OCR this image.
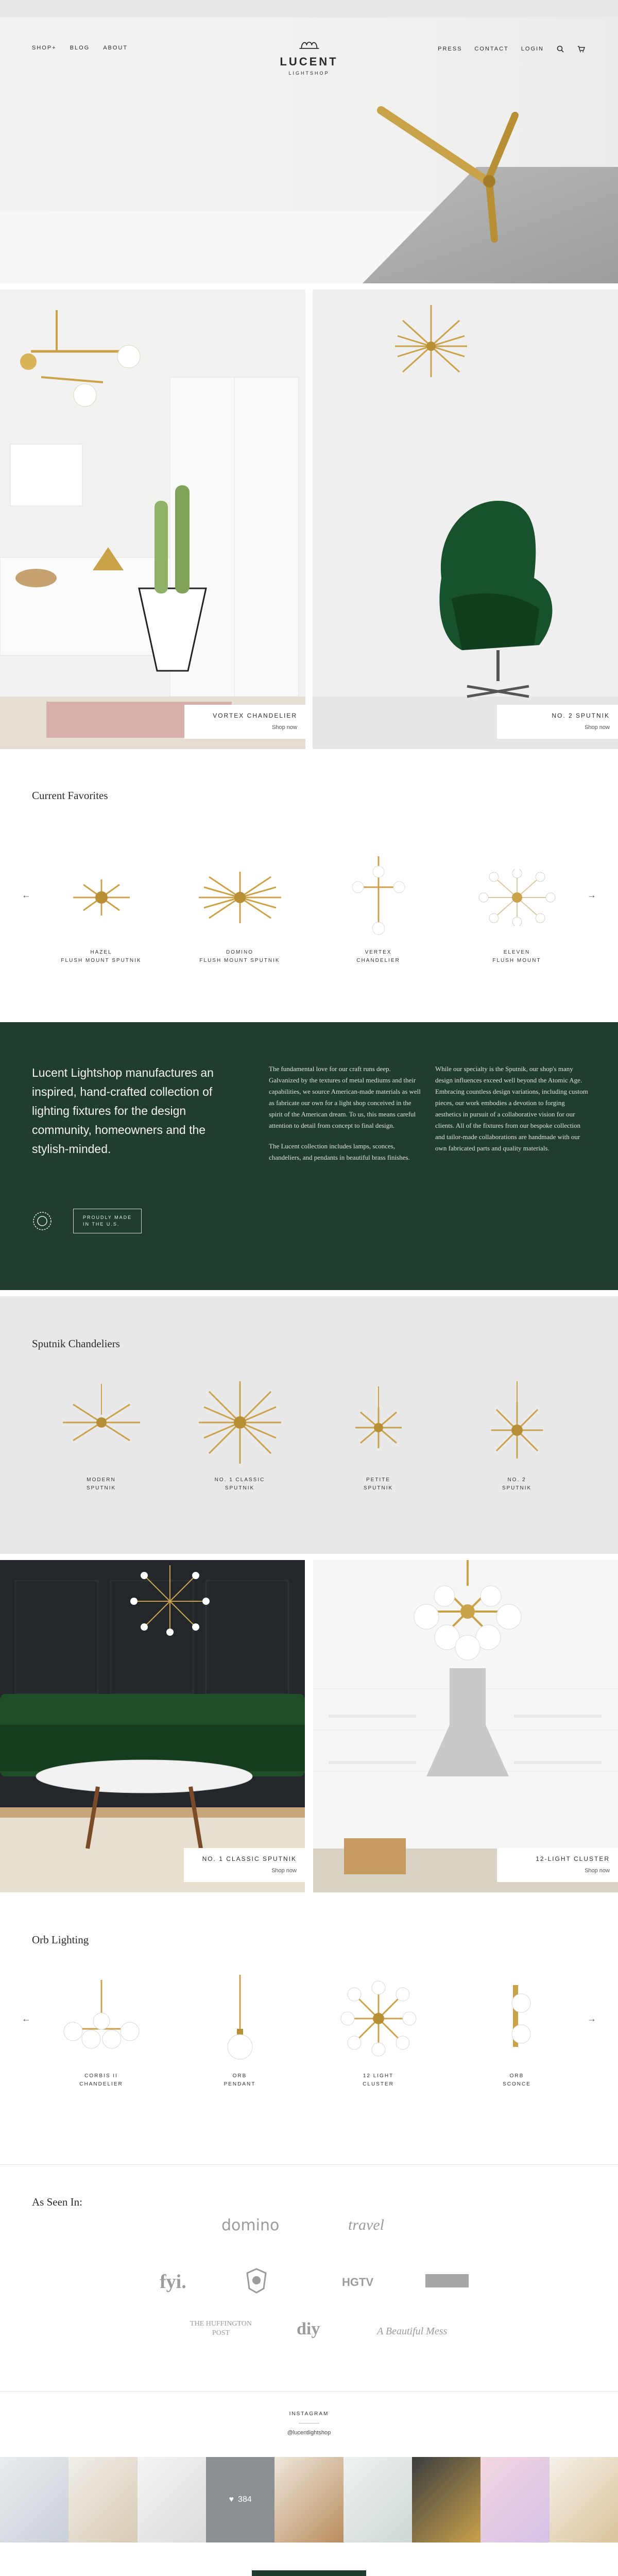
SHOP+ BLOG ABOUT
LUCENT
LIGHTSHOP
PRESS CONTACT LOGIN
VORTEX CHANDELIER
Shop now
NO. 2 SPUTNIK
Shop now
Current Favorites
←	→
HAZEL
FLUSH MOUNT SPUTNIK
DOMINO
FLUSH MOUNT SPUTNIK
VERTEX
CHANDELIER
ELEVEN
FLUSH MOUNT
Lucent Lightshop manufactures an inspired, hand-crafted collection of lighting fixtures for the design community, homeowners and the stylish-minded.

The fundamental love for our craft runs deep. Galvanized by the textures of metal mediums and their capabilities, we source American-made materials as well as fabricate our own for a light shop conceived in the spirit of the American dream. To us, this means careful attention to detail from concept to final design.

The Lucent collection includes lamps, sconces, chandeliers, and pendants in beautiful brass finishes. While our specialty is the Sputnik, our shop's many design influences exceed well beyond the Atomic Age. Embracing countless design variations, including custom pieces, our work embodies a devotion to forging aesthetics in pursuit of a collaborative vision for our clients. All of the fixtures from our bespoke collection and tailor-made collaborations are handmade with our own fabricated parts and quality materials.

PROUDLY MADE
IN THE U.S.
Sputnik Chandeliers
MODERN
SPUTNIK
NO. 1 CLASSIC
SPUTNIK
PETITE
SPUTNIK
NO. 2
SPUTNIK
NO. 1 CLASSIC SPUTNIK
Shop now
12-LIGHT CLUSTER
Shop now
Orb Lighting
←	→
CORBIS II
CHANDELIER
ORB
PENDANT
12 LIGHT
CLUSTER
ORB
SCONCE
As Seen In:
domino	travel
fyi.	HGTV
THE HUFFINGTON POST	diy	A Beautiful Mess
INSTAGRAM
@lucentlightshop
♥ 384
